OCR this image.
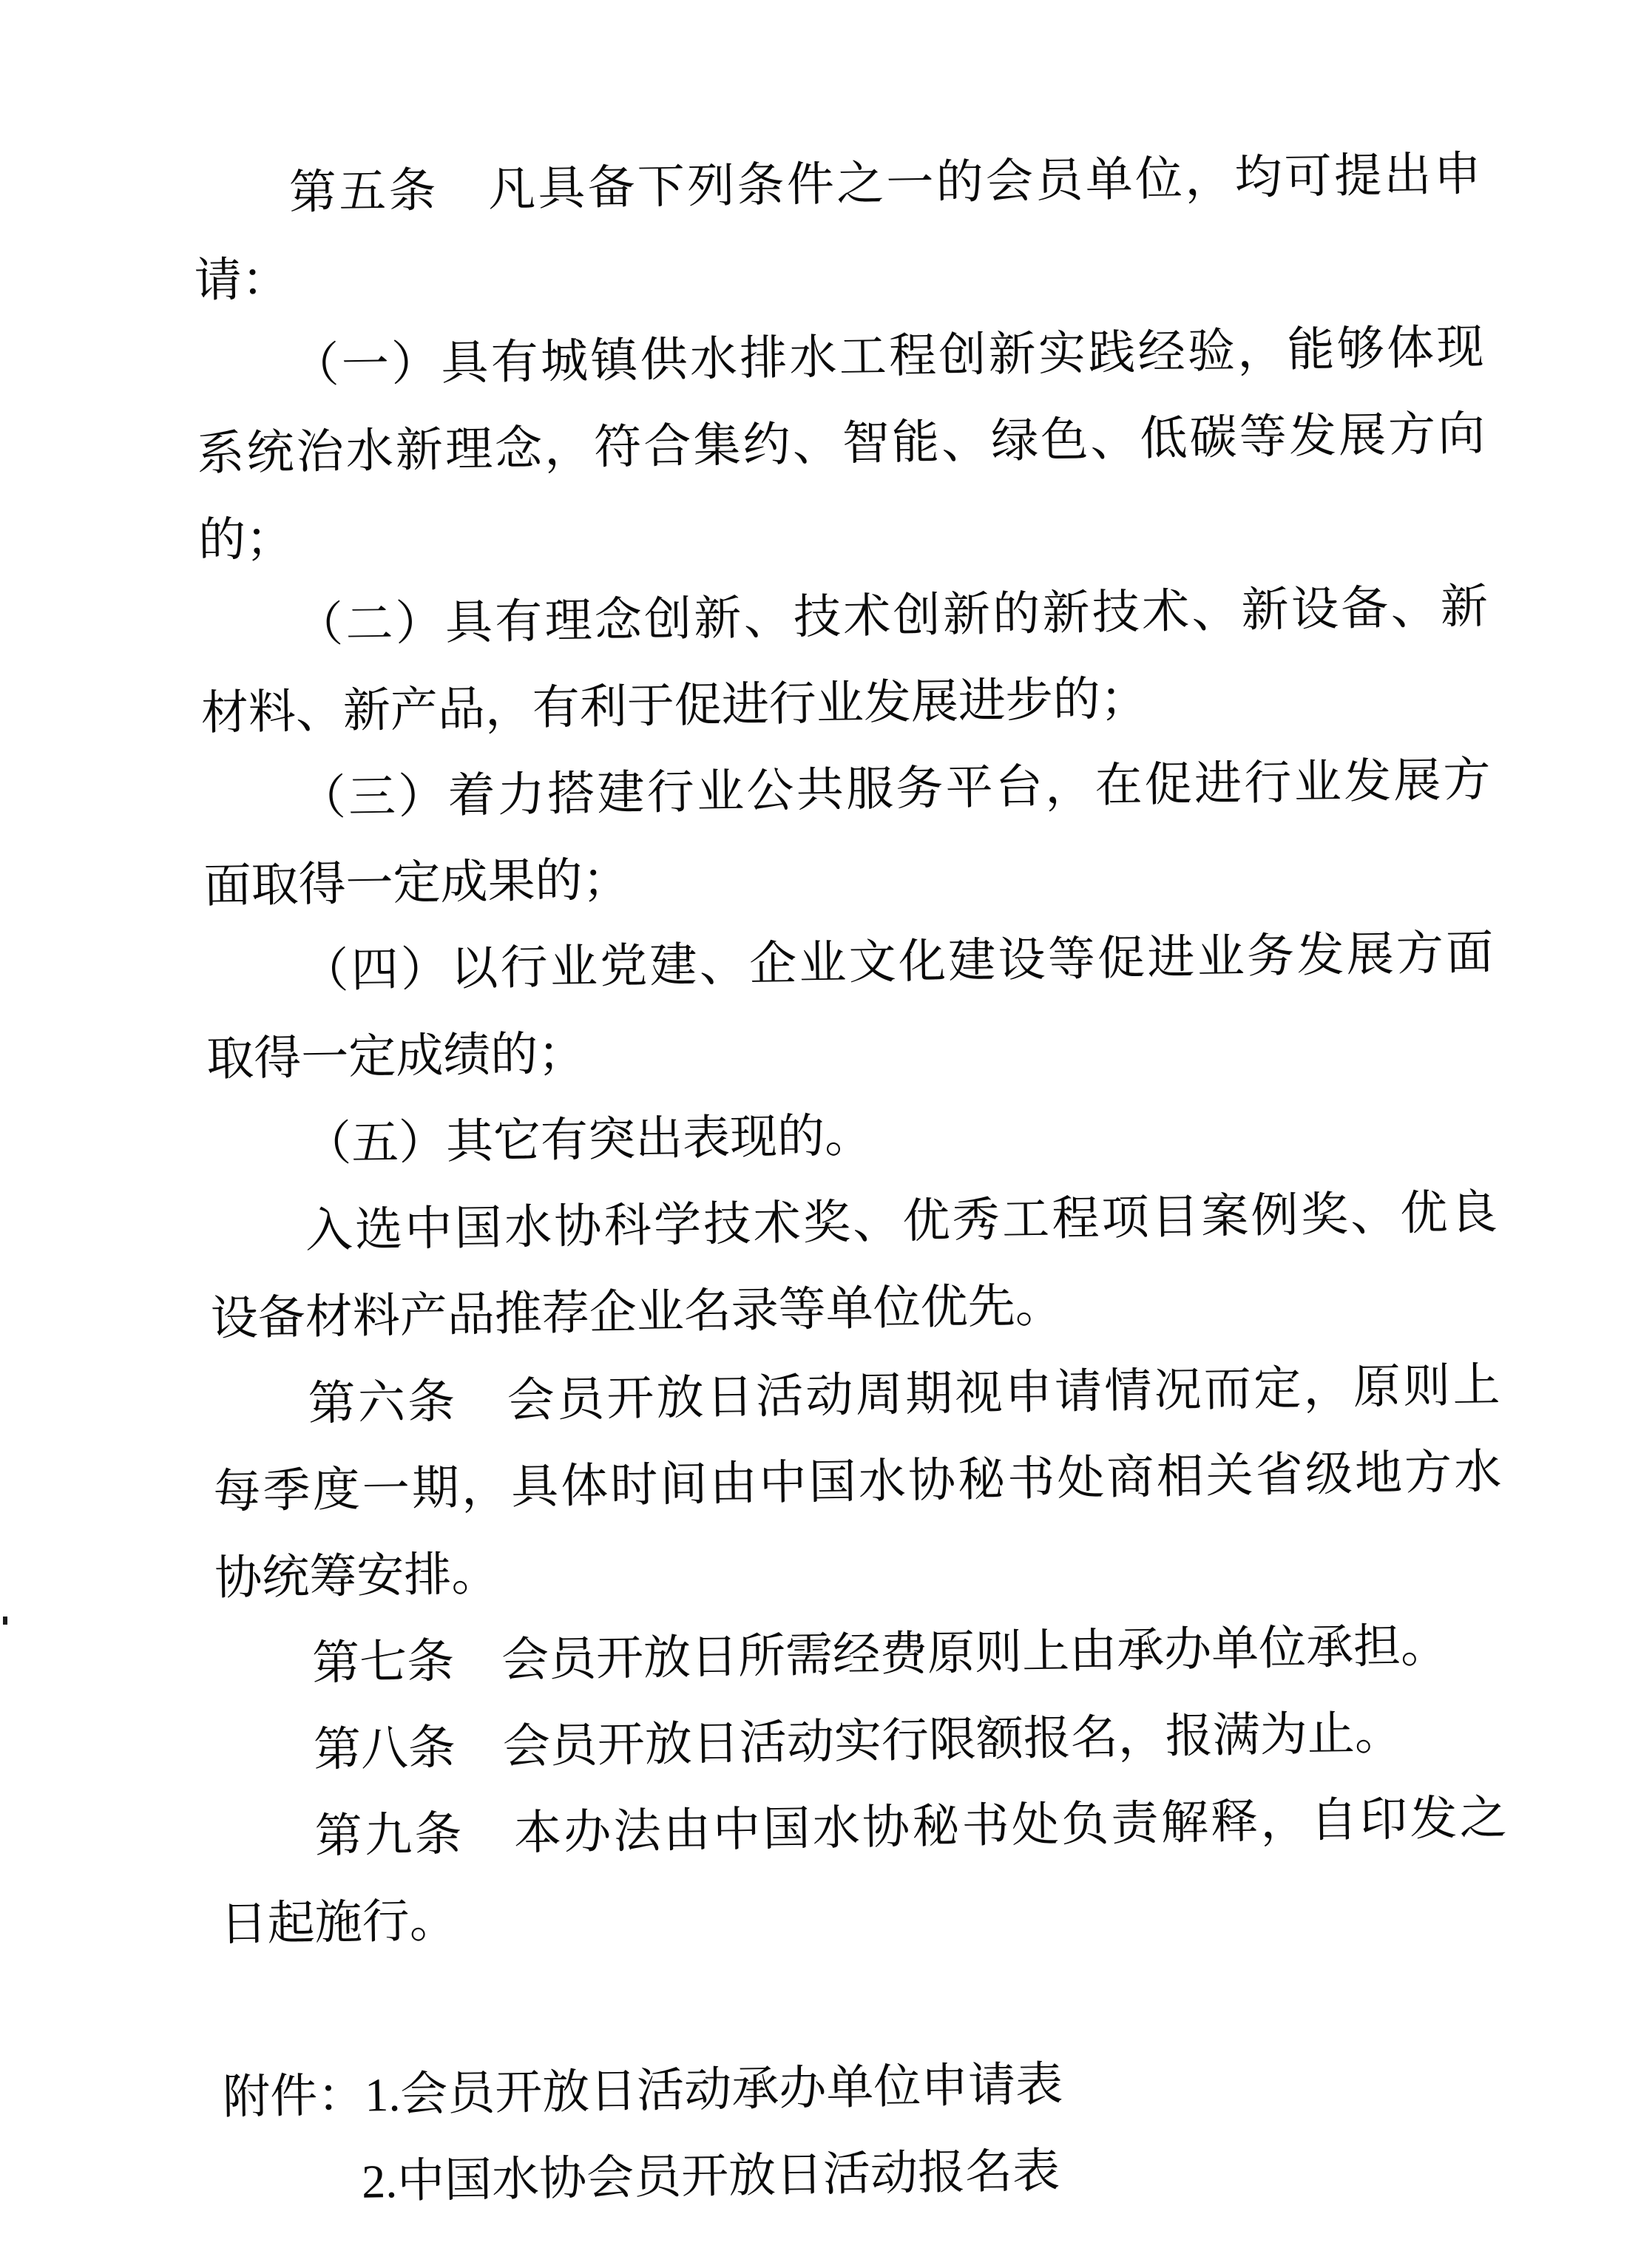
第五条　凡具备下列条件之一的会员单位，均可提出申
请：
（一）具有城镇供水排水工程创新实践经验，能够体现
系统治水新理念，符合集约、智能、绿色、低碳等发展方向
的；
（二）具有理念创新、技术创新的新技术、新设备、新
材料、新产品，有利于促进行业发展进步的；
（三）着力搭建行业公共服务平台，在促进行业发展方
面取得一定成果的；
（四）以行业党建、企业文化建设等促进业务发展方面
取得一定成绩的；
（五）其它有突出表现的。
入选中国水协科学技术奖、优秀工程项目案例奖、优良
设备材料产品推荐企业名录等单位优先。
第六条　会员开放日活动周期视申请情况而定，原则上
每季度一期，具体时间由中国水协秘书处商相关省级地方水
协统筹安排。
第七条　会员开放日所需经费原则上由承办单位承担。
第八条　会员开放日活动实行限额报名，报满为止。
第九条　本办法由中国水协秘书处负责解释，自印发之
日起施行。
附件：1.会员开放日活动承办单位申请表
2.中国水协会员开放日活动报名表
